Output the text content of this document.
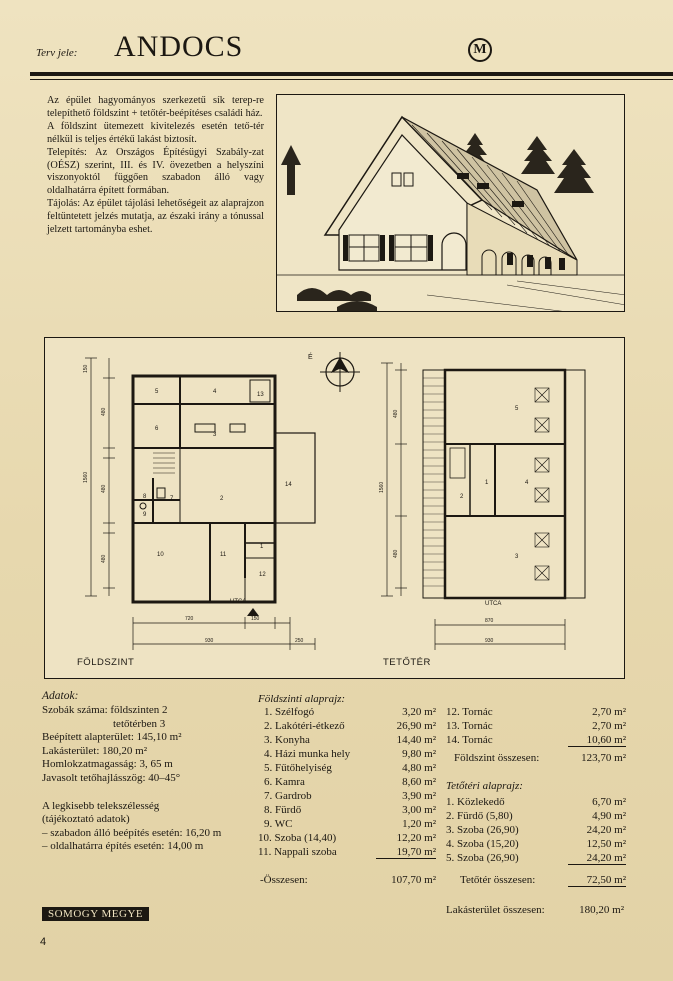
Terv jele: ANDOCS	M

Az épület hagyományos szerkezetű sík terep-re telepíthető földszint + tetőtér-beépítéses családi ház.

A földszint ütemezett kivitelezés esetén tető-tér nélkül is teljes értékű lakást biztosít.

Telepítés: Az Országos Építésügyi Szabály-zat (OÉSZ) szerint, III. és IV. övezetben a helyszíni viszonyoktól függően szabadon álló vagy oldalhatárra épített formában.

Tájolás: Az épület tájolási lehetőségeit az alaprajzon feltüntetett jelzés mutatja, az északi irány a tónussal jelzett tartományba eshet.

5	4	13
6
3
8	7
9
2
14
10	11
1
12
150
1560
480
480
480
720	150
930	250
5
1	4
2
3
1560
480
480
870
930
UTCA	UTCA
É
FÖLDSZINT	TETŐTÉR
Adatok:
Szobák száma: földszinten 2
tetőtérben 3
Beépített alapterület: 145,10 m²
Lakásterület: 180,20 m²
Homlokzatmagasság: 3, 65 m
Javasolt tetőhajlásszög: 40–45°
A legkisebb telekszélesség
(tájékoztató adatok)
– szabadon álló beépítés esetén: 16,20 m
– oldalhatárra építés esetén: 14,00 m
Földszinti alaprajz:
1. Szélfogó	3,20 m²
2. Lakótéri-étkező	26,90 m²
3. Konyha	14,40 m²
4. Házi munka hely	9,80 m²
5. Fűtőhelyiség	4,80 m²
6. Kamra	8,60 m²
7. Gardrob	3,90 m²
8. Fürdő	3,00 m²
9. WC	1,20 m²
10. Szoba (14,40)	12,20 m²
11. Nappali szoba	19,70 m²
-Összesen:	107,70 m²
12. Tornác	2,70 m²
13. Tornác	2,70 m²
14. Tornác	10,60 m²
Földszint összesen:	123,70 m²
Tetőtéri alaprajz:
1. Közlekedő	6,70 m²
2. Fürdő (5,80)	4,90 m²
3. Szoba (26,90)	24,20 m²
4. Szoba (15,20)	12,50 m²
5. Szoba (26,90)	24,20 m²
Tetőtér összesen:	72,50 m²
Lakásterület összesen:	180,20 m²
SOMOGY MEGYE
4
